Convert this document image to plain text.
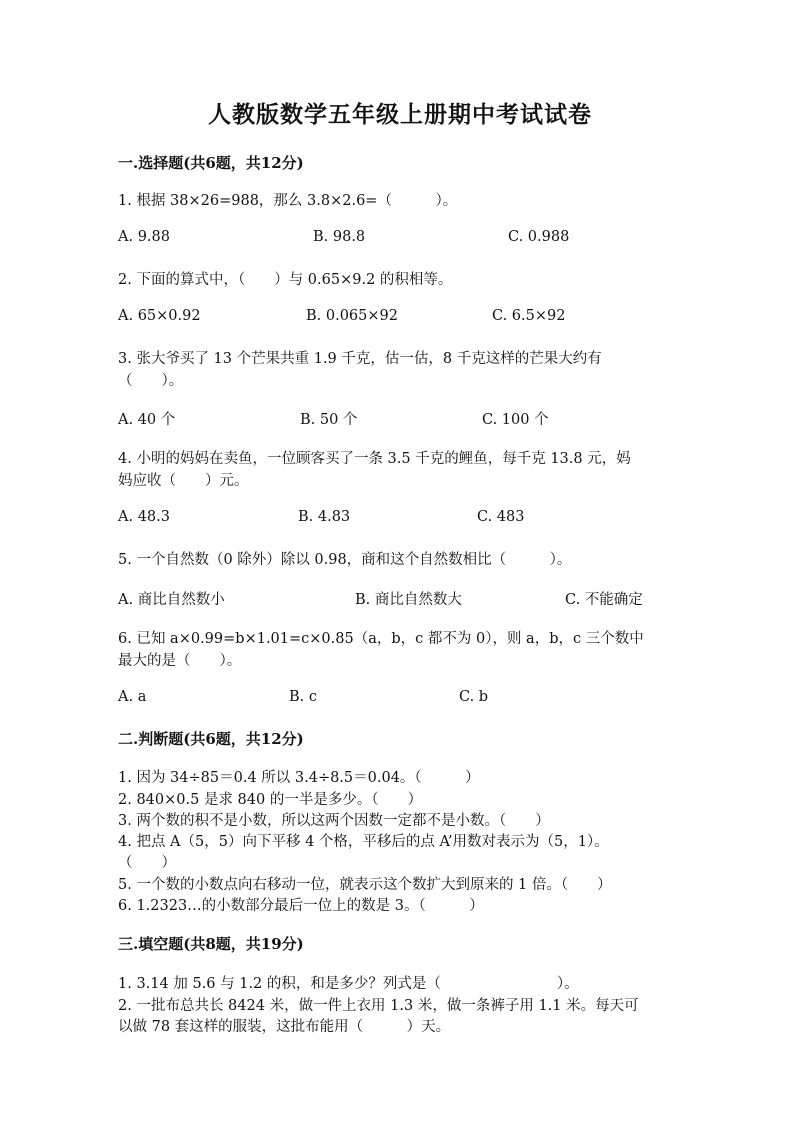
人教版数学五年级上册期中考试试卷
一.选择题(共6题，共12分)
1. 根据 38×26=988，那么 3.8×2.6=（　　　）。
A. 9.88	B. 98.8	C. 0.988
2. 下面的算式中，（　　）与 0.65×9.2 的积相等。
A. 65×0.92	B. 0.065×92	C. 6.5×92
3. 张大爷买了 13 个芒果共重 1.9 千克，估一估，8 千克这样的芒果大约有
（　　）。
A. 40 个	B. 50 个	C. 100 个
4. 小明的妈妈在卖鱼，一位顾客买了一条 3.5 千克的鲤鱼，每千克 13.8 元，妈
妈应收（　　）元。
A. 48.3	B. 4.83	C. 483
5. 一个自然数（0 除外）除以 0.98，商和这个自然数相比（　　　）。
A. 商比自然数小	B. 商比自然数大	C. 不能确定
6. 已知 a×0.99=b×1.01=c×0.85（a，b，c 都不为 0），则 a，b，c 三个数中
最大的是（　　）。
A. a	B. c	C. b
二.判断题(共6题，共12分)
1. 因为 34÷85＝0.4 所以 3.4÷8.5＝0.04。（　　　）
2. 840×0.5 是求 840 的一半是多少。（　　）
3. 两个数的积不是小数，所以这两个因数一定都不是小数。（　　）
4. 把点 A（5，5）向下平移 4 个格，平移后的点 A’用数对表示为（5，1）。
（　　）
5. 一个数的小数点向右移动一位，就表示这个数扩大到原来的 1 倍。（　　）
6. 1.2323…的小数部分最后一位上的数是 3。（　　　）
三.填空题(共8题，共19分)
1. 3.14 加 5.6 与 1.2 的积，和是多少？列式是（　　　　　　　　）。
2. 一批布总共长 8424 米，做一件上衣用 1.3 米，做一条裤子用 1.1 米。每天可
以做 78 套这样的服装，这批布能用（　　　）天。
